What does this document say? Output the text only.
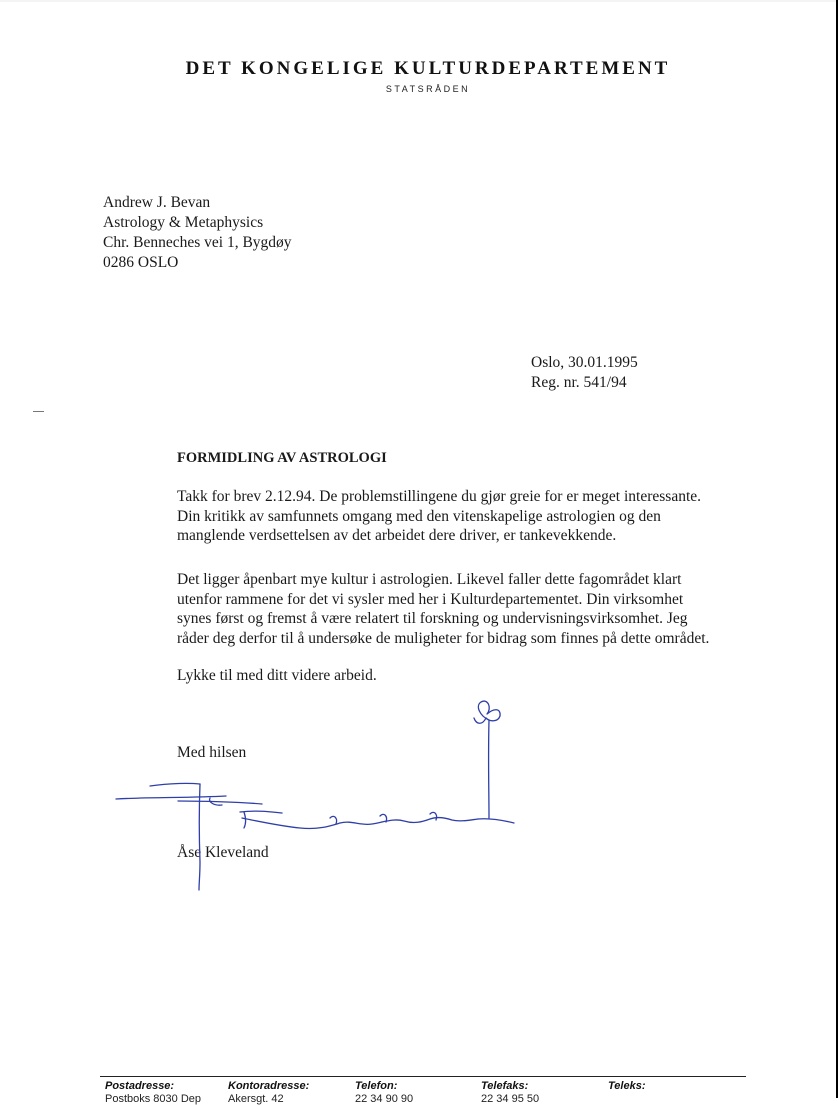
DET KONGELIGE KULTURDEPARTEMENT
STATSRÅDEN
Andrew J. Bevan
Astrology & Metaphysics
Chr. Benneches vei 1, Bygdøy
0286 OSLO
Oslo, 30.01.1995
Reg. nr. 541/94
FORMIDLING AV ASTROLOGI
Takk for brev 2.12.94. De problemstillingene du gjør greie for er meget interessante.
Din kritikk av samfunnets omgang med den vitenskapelige astrologien og den
manglende verdsettelsen av det arbeidet dere driver, er tankevekkende.
Det ligger åpenbart mye kultur i astrologien. Likevel faller dette fagområdet klart
utenfor rammene for det vi sysler med her i Kulturdepartementet. Din virksomhet
synes først og fremst å være relatert til forskning og undervisningsvirksomhet. Jeg
råder deg derfor til å undersøke de muligheter for bidrag som finnes på dette området.
Lykke til med ditt videre arbeid.
Med hilsen
Åse Kleveland
Postadresse:
Postboks 8030 Dep
Kontoradresse:
Akersgt. 42
Telefon:
22 34 90 90
Telefaks:
22 34 95 50
Teleks:
